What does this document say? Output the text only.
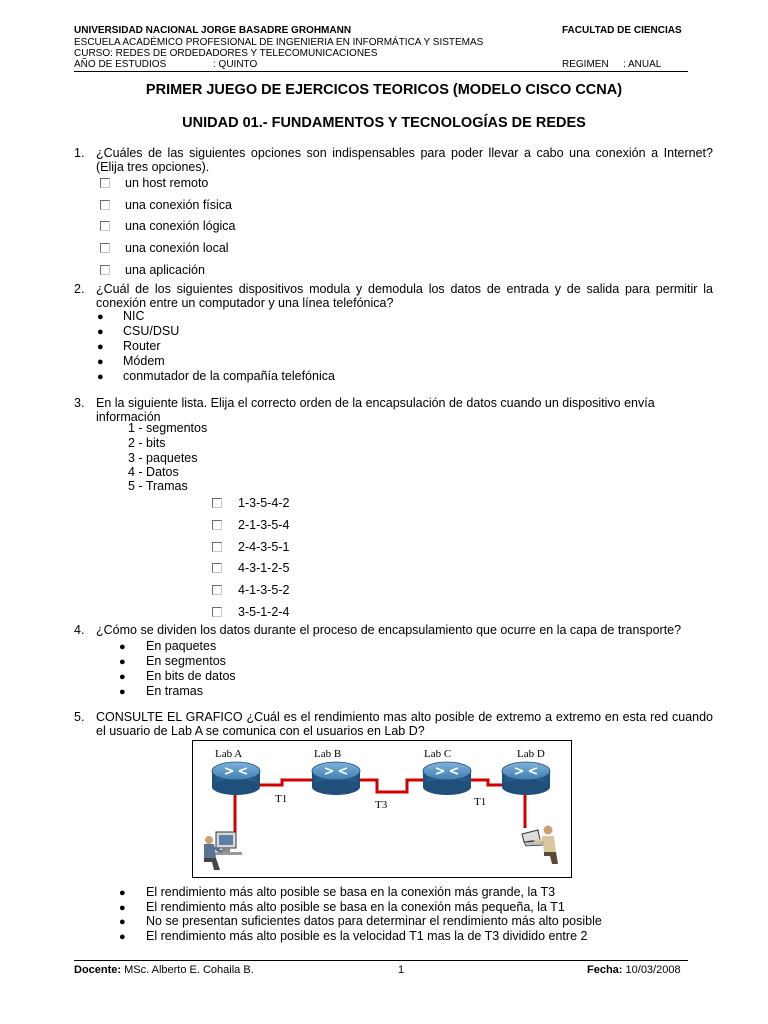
UNIVERSIDAD NACIONAL JORGE BASADRE GROHMANN	FACULTAD DE CIENCIAS
ESCUELA ACADÉMICO PROFESIONAL DE INGENIERIA EN INFORMÁTICA Y SISTEMAS
CURSO: REDES DE ORDEDADORES Y TELECOMUNICACIONES
AÑO DE ESTUDIOS	: QUINTO	REGIMEN : ANUAL
PRIMER JUEGO DE EJERCICOS TEORICOS (MODELO CISCO CCNA)
UNIDAD 01.- FUNDAMENTOS Y TECNOLOGÍAS DE REDES
1. ¿Cuáles de las siguientes opciones son indispensables para poder llevar a cabo una conexión a Internet? (Elija tres opciones).
un host remoto
una conexión física
una conexión lógica
una conexión local
una aplicación
2. ¿Cuál de los siguientes dispositivos modula y demodula los datos de entrada y de salida para permitir la conexión entre un computador y una línea telefónica?
● NIC
● CSU/DSU
● Router
● Módem
● conmutador de la compañía telefónica
3. En la siguiente lista. Elija el correcto orden de la encapsulación de datos cuando un dispositivo envía información
1 - segmentos
2 - bits
3 - paquetes
4 - Datos
5 - Tramas
1-3-5-4-2
2-1-3-5-4
2-4-3-5-1
4-3-1-2-5
4-1-3-5-2
3-5-1-2-4
4. ¿Cómo se dividen los datos durante el proceso de encapsulamiento que ocurre en la capa de transporte?
● En paquetes
● En segmentos
● En bits de datos
● En tramas
5. CONSULTE EL GRAFICO ¿Cuál es el rendimiento mas alto posible de extremo a extremo en esta red cuando el usuario de Lab A se comunica con el usuarios en Lab D?
Lab A	Lab B	Lab C	Lab D
T1	T3	T1
● El rendimiento más alto posible se basa en la conexión más grande, la T3
● El rendimiento más alto posible se basa en la conexión más pequeña, la T1
● No se presentan suficientes datos para determinar el rendimiento más alto posible
● El rendimiento más alto posible es la velocidad T1 mas la de T3 dividido entre 2
Docente: MSc. Alberto E. Cohaila B.	1	Fecha: 10/03/2008
